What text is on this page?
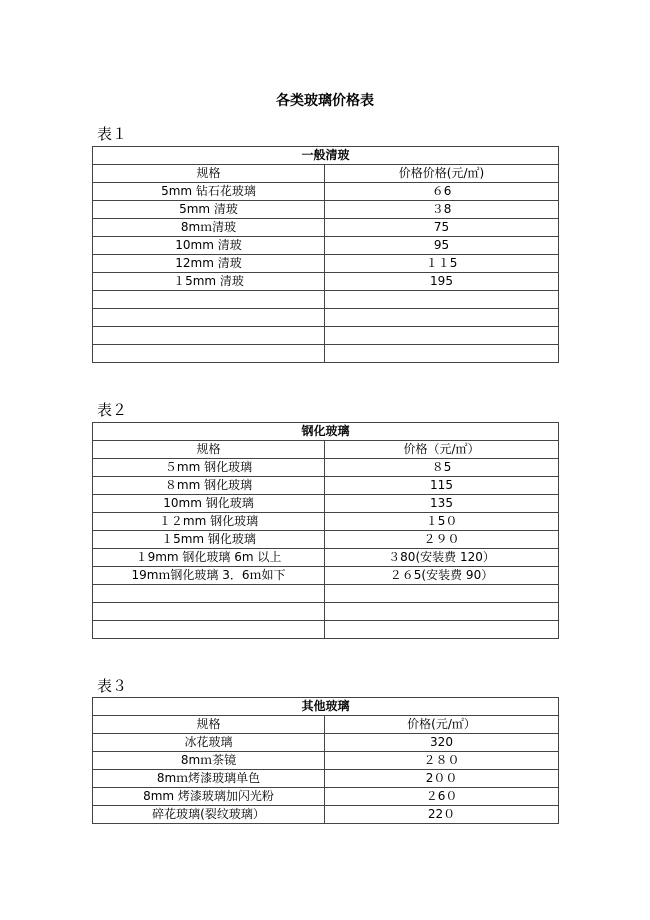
各类玻璃价格表
表１
一般清玻	
规格	价格价格(元/㎡)
5mm 钻石花玻璃	６6
5mm 清玻	３8
8mｍ清玻	75
10mm 清玻	95
12mm 清玻	１１5
１5mm 清玻	195

表２
钢化玻璃	
规格	价格（元/㎡）
５mm 钢化玻璃	８5
８mm 钢化玻璃	115
10mm 钢化玻璃	135
１２mm 钢化玻璃	１5０
１5mm 钢化玻璃	２９０
１9mm 钢化玻璃 6m 以上	３80(安装费 120）
19mｍ钢化玻璃 3．6ｍ如下	２６5(安装费 90）

表３
其他玻璃	
规格	价格(元/㎡）
冰花玻璃	320
8mｍ茶镜	２８０
8mｍ烤漆玻璃单色	2００
8mm 烤漆玻璃加闪光粉	２6０
碎花玻璃(裂纹玻璃）	22０
